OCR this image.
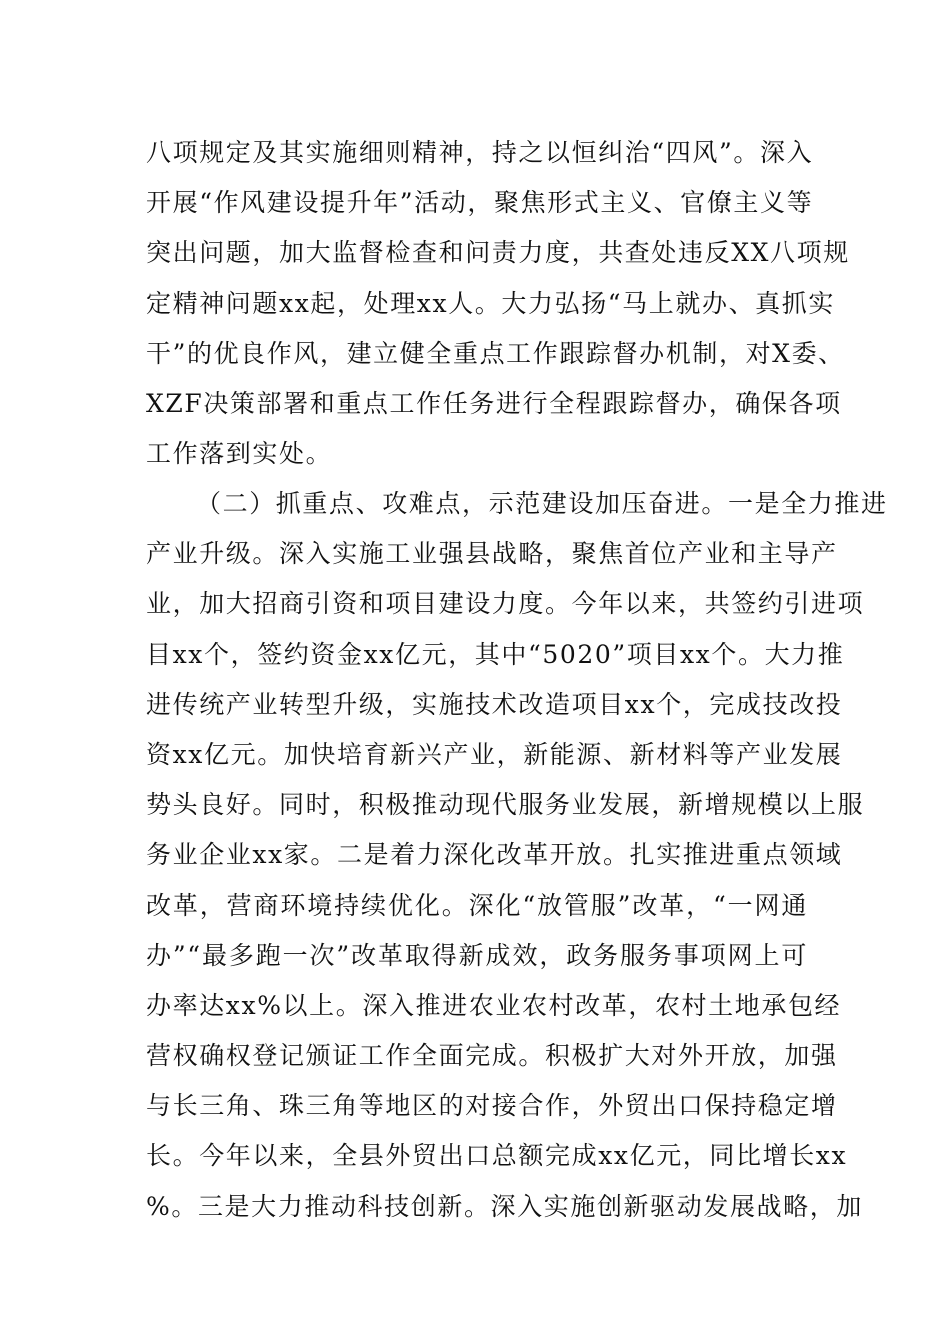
八项规定及其实施细则精神，持之以恒纠治“四风”。深入
开展“作风建设提升年”活动，聚焦形式主义、官僚主义等
突出问题，加大监督检查和问责力度，共查处违反XX八项规
定精神问题xx起，处理xx人。大力弘扬“马上就办、真抓实
干”的优良作风，建立健全重点工作跟踪督办机制，对X委、
XZF决策部署和重点工作任务进行全程跟踪督办，确保各项
工作落到实处。
（二）抓重点、攻难点，示范建设加压奋进。一是全力推进
产业升级。深入实施工业强县战略，聚焦首位产业和主导产
业，加大招商引资和项目建设力度。今年以来，共签约引进项
目xx个，签约资金xx亿元，其中“5020”项目xx个。大力推
进传统产业转型升级，实施技术改造项目xx个，完成技改投
资xx亿元。加快培育新兴产业，新能源、新材料等产业发展
势头良好。同时，积极推动现代服务业发展，新增规模以上服
务业企业xx家。二是着力深化改革开放。扎实推进重点领域
改革，营商环境持续优化。深化“放管服”改革，“一网通
办”“最多跑一次”改革取得新成效，政务服务事项网上可
办率达xx%以上。深入推进农业农村改革，农村土地承包经
营权确权登记颁证工作全面完成。积极扩大对外开放，加强
与长三角、珠三角等地区的对接合作，外贸出口保持稳定增
长。今年以来，全县外贸出口总额完成xx亿元，同比增长xx
%。三是大力推动科技创新。深入实施创新驱动发展战略，加
